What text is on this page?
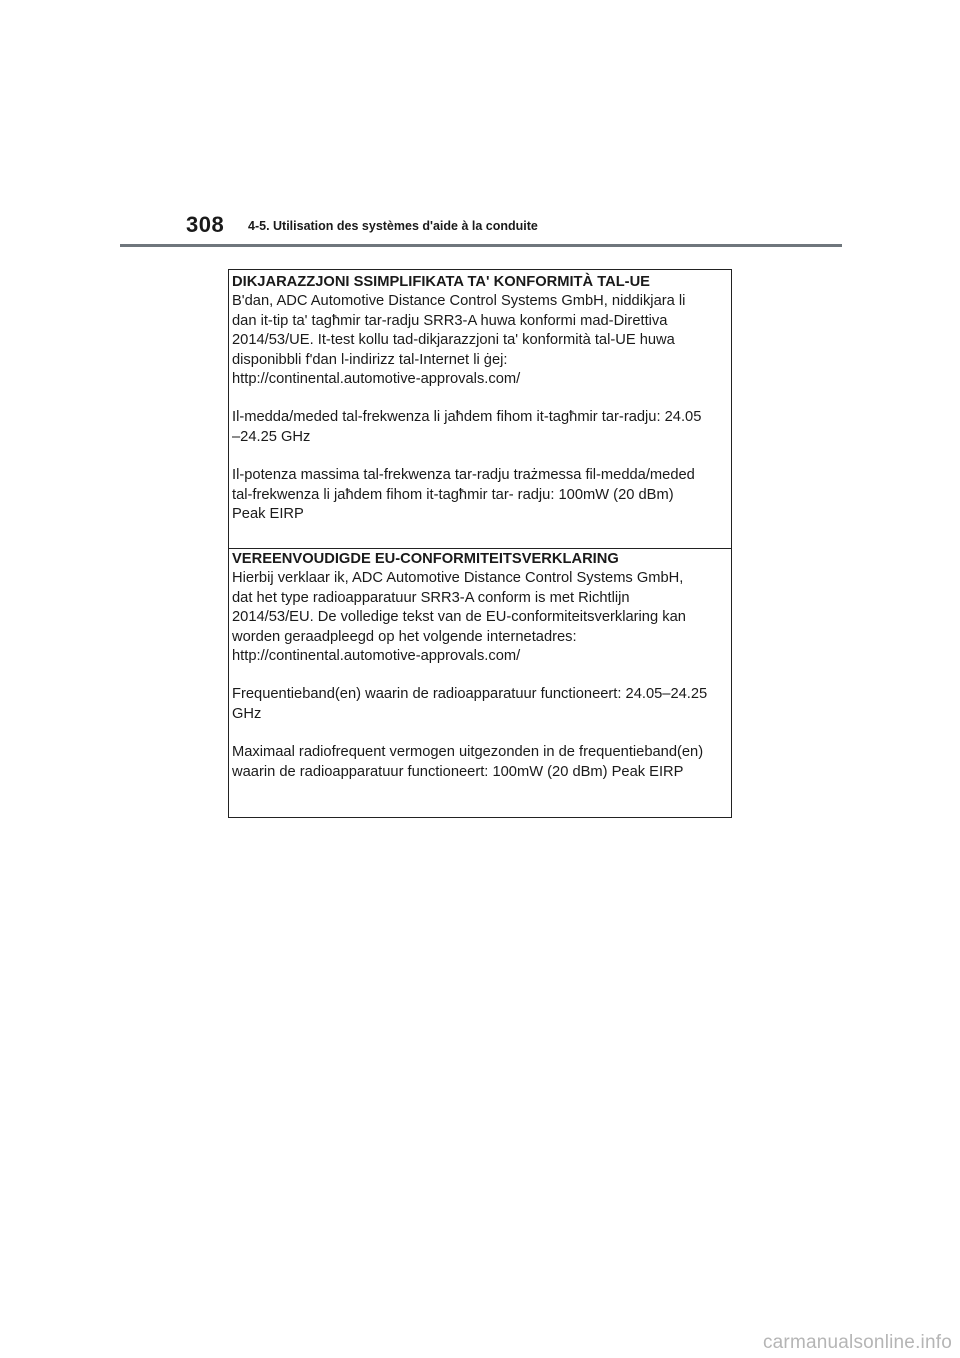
308 4-5. Utilisation des systèmes d'aide à la conduite
DIKJARAZZJONI SSIMPLIFIKATA TA' KONFORMITÀ TAL-UE
B'dan, ADC Automotive Distance Control Systems GmbH, niddikjara li
dan it-tip ta' tagħmir tar-radju SRR3-A huwa konformi mad-Direttiva
2014/53/UE. It-test kollu tad-dikjarazzjoni ta' konformità tal-UE huwa
disponibbli f'dan l-indirizz tal-Internet li ġej:
http://continental.automotive-approvals.com/
Il-medda/meded tal-frekwenza li jaħdem fihom it-tagħmir tar-radju: 24.05
–24.25 GHz
Il-potenza massima tal-frekwenza tar-radju trażmessa fil-medda/meded
tal-frekwenza li jaħdem fihom it-tagħmir tar- radju: 100mW (20 dBm)
Peak EIRP
VEREENVOUDIGDE EU-CONFORMITEITSVERKLARING
Hierbij verklaar ik, ADC Automotive Distance Control Systems GmbH,
dat het type radioapparatuur SRR3-A conform is met Richtlijn
2014/53/EU. De volledige tekst van de EU-conformiteitsverklaring kan
worden geraadpleegd op het volgende internetadres:
http://continental.automotive-approvals.com/
Frequentieband(en) waarin de radioapparatuur functioneert: 24.05–24.25
GHz
Maximaal radiofrequent vermogen uitgezonden in de frequentieband(en)
waarin de radioapparatuur functioneert: 100mW (20 dBm) Peak EIRP
carmanualsonline.info
